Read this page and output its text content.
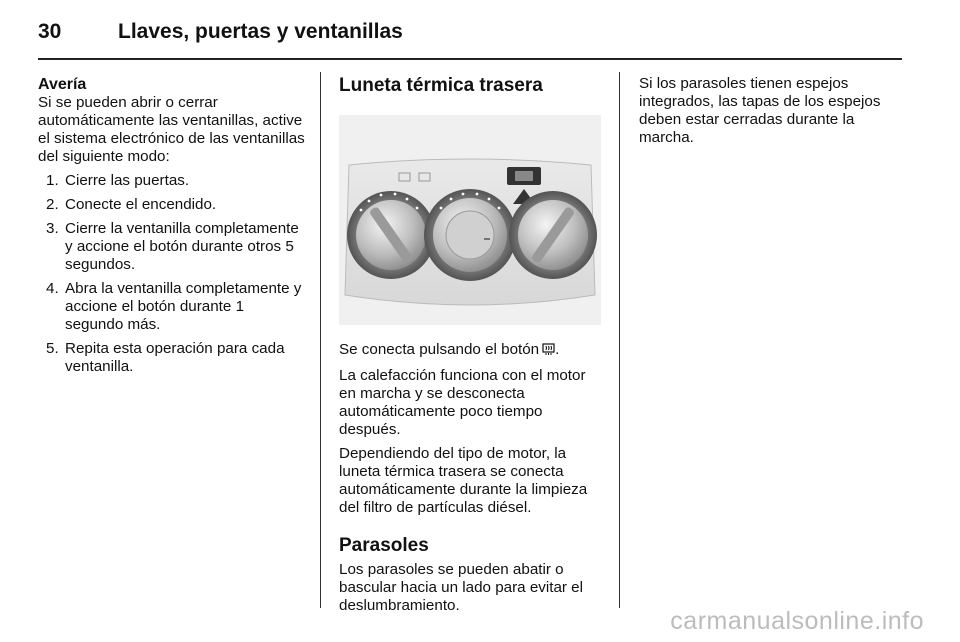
30	Llaves, puertas y ventanillas
Avería

Si se pueden abrir o cerrar automáticamente las ventanillas, active el sistema electrónico de las ventanillas del siguiente modo:

1. Cierre las puertas.
2. Conecte el encendido.
3. Cierre la ventanilla completamente y accione el botón durante otros 5 segundos.
4. Abra la ventanilla completamente y accione el botón durante 1 segundo más.
5. Repita esta operación para cada ventanilla.
Luneta térmica trasera

Se conecta pulsando el botón .

La calefacción funciona con el motor en marcha y se desconecta automáticamente poco tiempo después.

Dependiendo del tipo de motor, la luneta térmica trasera se conecta automáticamente durante la limpieza del filtro de partículas diésel.

Parasoles

Los parasoles se pueden abatir o bascular hacia un lado para evitar el deslumbramiento.

Si los parasoles tienen espejos integrados, las tapas de los espejos deben estar cerradas durante la marcha.

carmanualsonline.info
